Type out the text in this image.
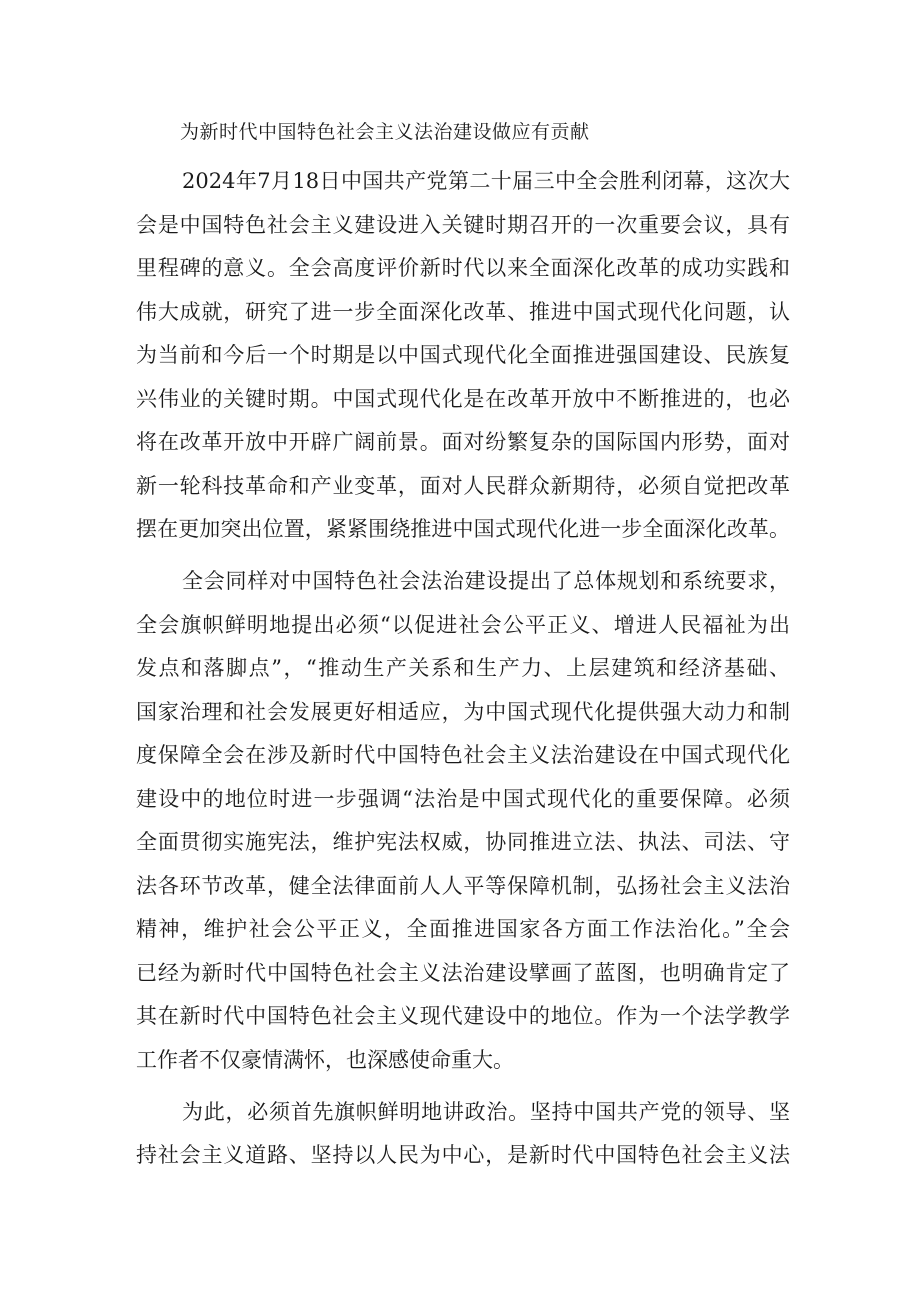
为新时代中国特色社会主义法治建设做应有贡献
2024年7月18日中国共产党第二十届三中全会胜利闭幕，这次大
会是中国特色社会主义建设进入关键时期召开的一次重要会议，具有
里程碑的意义。全会高度评价新时代以来全面深化改革的成功实践和
伟大成就，研究了进一步全面深化改革、推进中国式现代化问题，认
为当前和今后一个时期是以中国式现代化全面推进强国建设、民族复
兴伟业的关键时期。中国式现代化是在改革开放中不断推进的，也必
将在改革开放中开辟广阔前景。面对纷繁复杂的国际国内形势，面对
新一轮科技革命和产业变革，面对人民群众新期待，必须自觉把改革
摆在更加突出位置，紧紧围绕推进中国式现代化进一步全面深化改革。
全会同样对中国特色社会法治建设提出了总体规划和系统要求，
全会旗帜鲜明地提出必须“以促进社会公平正义、增进人民福祉为出
发点和落脚点”，“推动生产关系和生产力、上层建筑和经济基础、
国家治理和社会发展更好相适应，为中国式现代化提供强大动力和制
度保障全会在涉及新时代中国特色社会主义法治建设在中国式现代化
建设中的地位时进一步强调“法治是中国式现代化的重要保障。必须
全面贯彻实施宪法，维护宪法权威，协同推进立法、执法、司法、守
法各环节改革，健全法律面前人人平等保障机制，弘扬社会主义法治
精神，维护社会公平正义，全面推进国家各方面工作法治化。”全会
已经为新时代中国特色社会主义法治建设擘画了蓝图，也明确肯定了
其在新时代中国特色社会主义现代建设中的地位。作为一个法学教学
工作者不仅豪情满怀，也深感使命重大。
为此，必须首先旗帜鲜明地讲政治。坚持中国共产党的领导、坚
持社会主义道路、坚持以人民为中心，是新时代中国特色社会主义法
